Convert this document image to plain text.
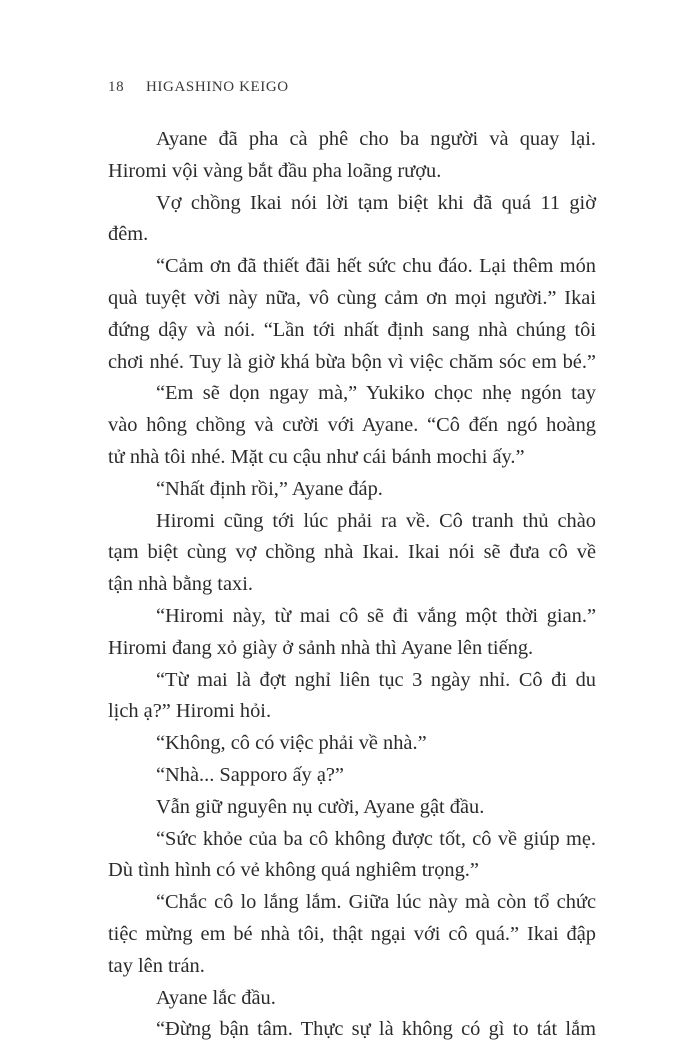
18 HIGASHINO KEIGO
Ayane đã pha cà phê cho ba người và quay lại.
Hiromi vội vàng bắt đầu pha loãng rượu.
Vợ chồng Ikai nói lời tạm biệt khi đã quá 11 giờ
đêm.
“Cảm ơn đã thiết đãi hết sức chu đáo. Lại thêm món
quà tuyệt vời này nữa, vô cùng cảm ơn mọi người.” Ikai
đứng dậy và nói. “Lần tới nhất định sang nhà chúng tôi
chơi nhé. Tuy là giờ khá bừa bộn vì việc chăm sóc em bé.”
“Em sẽ dọn ngay mà,” Yukiko chọc nhẹ ngón tay
vào hông chồng và cười với Ayane. “Cô đến ngó hoàng
tử nhà tôi nhé. Mặt cu cậu như cái bánh mochi ấy.”
“Nhất định rồi,” Ayane đáp.
Hiromi cũng tới lúc phải ra về. Cô tranh thủ chào
tạm biệt cùng vợ chồng nhà Ikai. Ikai nói sẽ đưa cô về
tận nhà bằng taxi.
“Hiromi này, từ mai cô sẽ đi vắng một thời gian.”
Hiromi đang xỏ giày ở sảnh nhà thì Ayane lên tiếng.
“Từ mai là đợt nghỉ liên tục 3 ngày nhỉ. Cô đi du
lịch ạ?” Hiromi hỏi.
“Không, cô có việc phải về nhà.”
“Nhà... Sapporo ấy ạ?”
Vẫn giữ nguyên nụ cười, Ayane gật đầu.
“Sức khỏe của ba cô không được tốt, cô về giúp mẹ.
Dù tình hình có vẻ không quá nghiêm trọng.”
“Chắc cô lo lắng lắm. Giữa lúc này mà còn tổ chức
tiệc mừng em bé nhà tôi, thật ngại với cô quá.” Ikai đập
tay lên trán.
Ayane lắc đầu.
“Đừng bận tâm. Thực sự là không có gì to tát lắm
